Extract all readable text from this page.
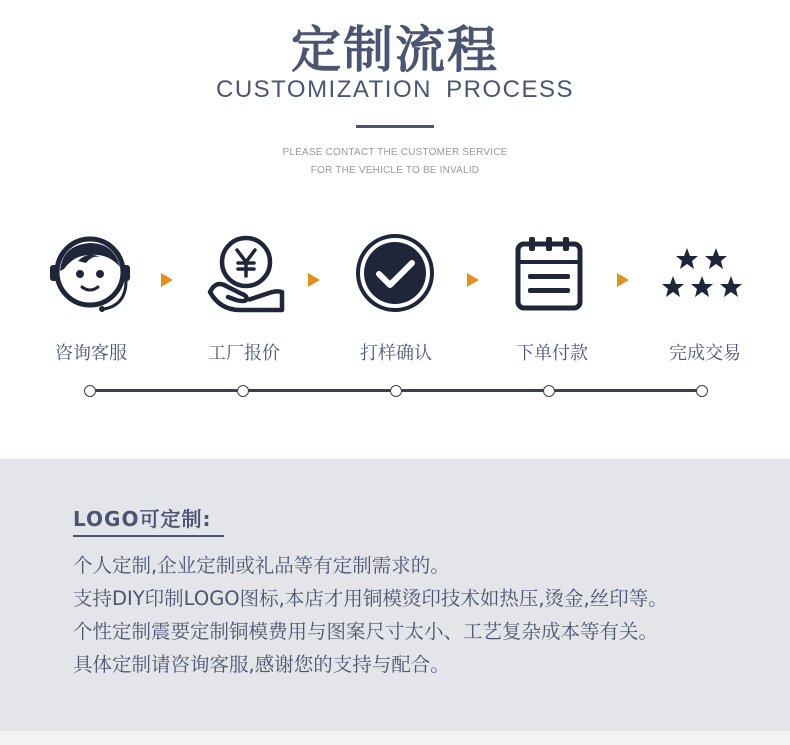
定制流程
CUSTOMIZATION PROCESS
PLEASE CONTACT THE CUSTOMER SERVICE
FOR THE VEHICLE TO BE INVALID
咨询客服	工厂报价	打样确认	下单付款	完成交易
LOGO可定制:
个人定制,企业定制或礼品等有定制需求的。
支持DIY印制LOGO图标,本店才用铜模烫印技术如热压,烫金,丝印等。
个性定制震要定制铜模费用与图案尺寸太小、工艺复杂成本等有关。
具体定制请咨询客服,感谢您的支持与配合。
